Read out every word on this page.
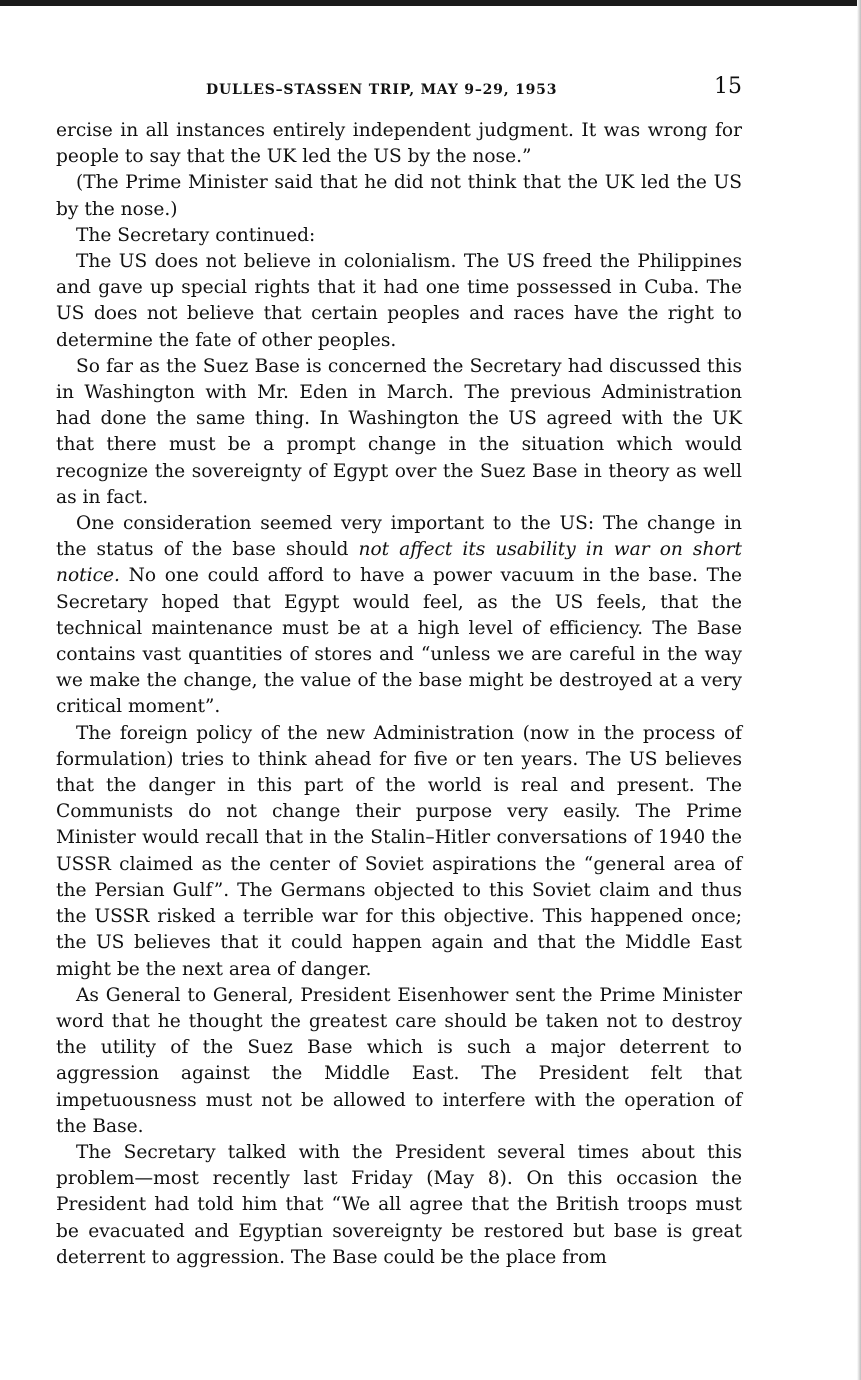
DULLES–STASSEN TRIP, MAY 9–29, 1953	15

ercise in all instances entirely independent judgment. It was wrong for people to say that the UK led the US by the nose.”

(The Prime Minister said that he did not think that the UK led the US by the nose.)

The Secretary continued:

The US does not believe in colonialism. The US freed the Philippines and gave up special rights that it had one time possessed in Cuba. The US does not believe that certain peoples and races have the right to determine the fate of other peoples.

So far as the Suez Base is concerned the Secretary had discussed this in Washington with Mr. Eden in March. The previous Administration had done the same thing. In Washington the US agreed with the UK that there must be a prompt change in the situation which would recognize the sovereignty of Egypt over the Suez Base in theory as well as in fact.

One consideration seemed very important to the US: The change in the status of the base should not affect its usability in war on short notice. No one could afford to have a power vacuum in the base. The Secretary hoped that Egypt would feel, as the US feels, that the technical maintenance must be at a high level of efficiency. The Base contains vast quantities of stores and “unless we are careful in the way we make the change, the value of the base might be destroyed at a very critical moment”.

The foreign policy of the new Administration (now in the process of formulation) tries to think ahead for five or ten years. The US believes that the danger in this part of the world is real and present. The Communists do not change their purpose very easily. The Prime Minister would recall that in the Stalin–Hitler conversations of 1940 the USSR claimed as the center of Soviet aspirations the “general area of the Persian Gulf”. The Germans objected to this Soviet claim and thus the USSR risked a terrible war for this objective. This happened once; the US believes that it could happen again and that the Middle East might be the next area of danger.

As General to General, President Eisenhower sent the Prime Minister word that he thought the greatest care should be taken not to destroy the utility of the Suez Base which is such a major deterrent to aggression against the Middle East. The President felt that impetuousness must not be allowed to interfere with the operation of the Base.

The Secretary talked with the President several times about this problem—most recently last Friday (May 8). On this occasion the President had told him that “We all agree that the British troops must be evacuated and Egyptian sovereignty be restored but base is great deterrent to aggression. The Base could be the place from
